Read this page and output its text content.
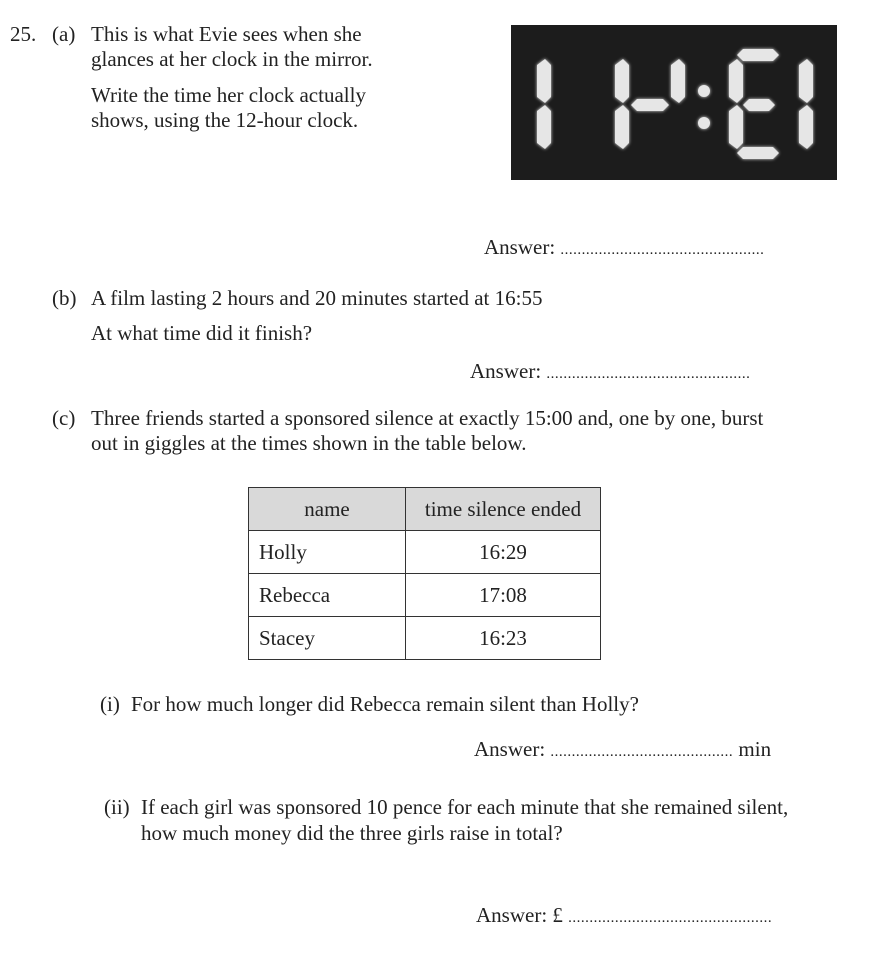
25. (a) This is what Evie sees when she
glances at her clock in the mirror.
Write the time her clock actually
shows, using the 12-hour clock.
Answer: ................................................
(b) A film lasting 2 hours and 20 minutes started at 16:55
At what time did it finish?
Answer: ................................................
(c) Three friends started a sponsored silence at exactly 15:00 and, one by one, burst
out in giggles at the times shown in the table below.
name	time silence ended
Holly	16:29
Rebecca	17:08
Stacey	16:23
(i) For how much longer did Rebecca remain silent than Holly?
Answer: ........................................... min
(ii) If each girl was sponsored 10 pence for each minute that she remained silent,
how much money did the three girls raise in total?
Answer: £ ................................................
